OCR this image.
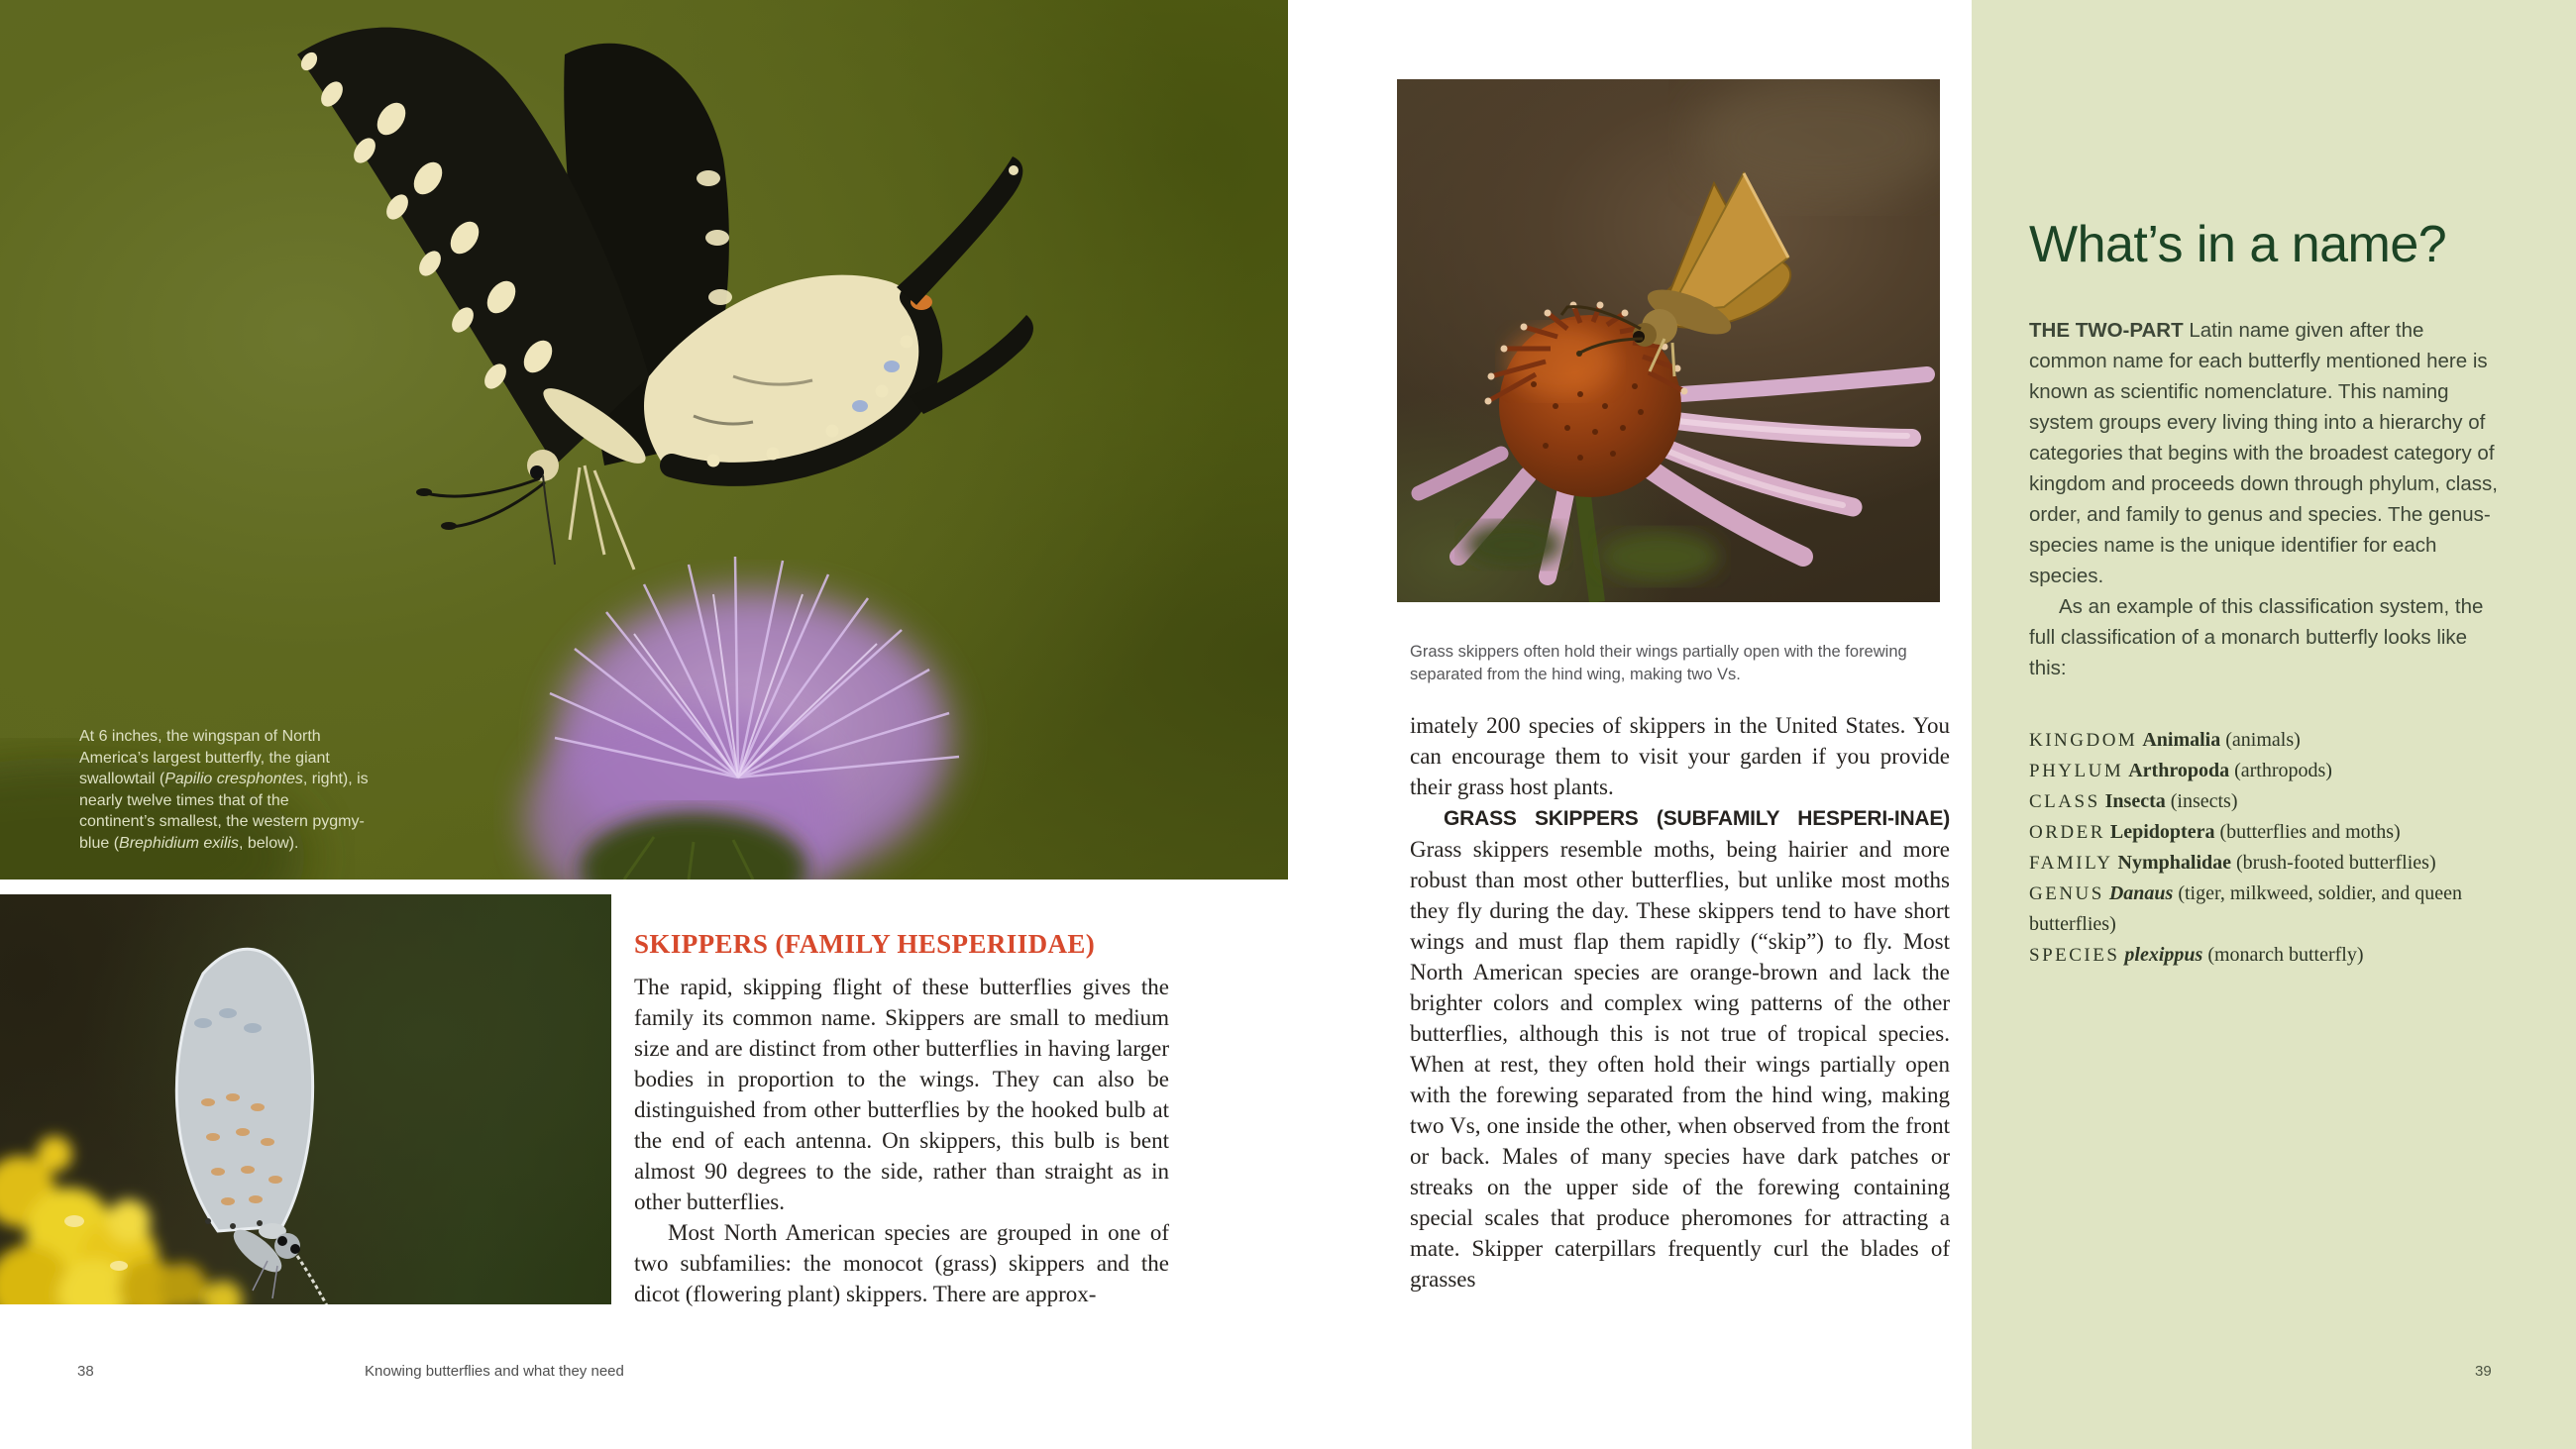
At 6 inches, the wingspan of North America’s largest butterfly, the giant swallowtail (Papilio cresphontes, right), is nearly twelve times that of the continent’s smallest, the western pygmy-blue (Brephidium exilis, below).

SKIPPERS (FAMILY HESPERIIDAE)

The rapid, skipping flight of these butterflies gives the family its common name. Skippers are small to medium size and are distinct from other butterflies in having larger bodies in proportion to the wings. They can also be distinguished from other butterflies by the hooked bulb at the end of each antenna. On skippers, this bulb is bent almost 90 degrees to the side, rather than straight as in other butterflies.

Most North American species are grouped in one of two subfamilies: the monocot (grass) skippers and the dicot (flowering plant) skippers. There are approx-

Grass skippers often hold their wings partially open with the forewing separated from the hind wing, making two Vs.

imately 200 species of skippers in the United States. You can encourage them to visit your garden if you provide their grass host plants.

GRASS SKIPPERS (SUBFAMILY HESPERI-INAE) Grass skippers resemble moths, being hairier and more robust than most other butterflies, but unlike most moths they fly during the day. These skippers tend to have short wings and must flap them rapidly (“skip”) to fly. Most North American species are orange-brown and lack the brighter colors and complex wing patterns of the other butterflies, although this is not true of tropical species. When at rest, they often hold their wings partially open with the forewing separated from the hind wing, making two Vs, one inside the other, when observed from the front or back. Males of many species have dark patches or streaks on the upper side of the forewing containing special scales that produce pheromones for attracting a mate. Skipper caterpillars frequently curl the blades of grasses

38	Knowing butterflies and what they need
What’s in a name?

THE TWO-PART Latin name given after the common name for each butterfly mentioned here is known as scientific nomenclature. This naming system groups every living thing into a hierarchy of categories that begins with the broadest category of kingdom and proceeds down through phylum, class, order, and family to genus and species. The genus-species name is the unique identifier for each species.

As an example of this classification system, the full classification of a monarch butterfly looks like this:

KINGDOM Animalia (animals)

PHYLUM Arthropoda (arthropods)

CLASS Insecta (insects)

ORDER Lepidoptera (butterflies and moths)

FAMILY Nymphalidae (brush-footed butterflies)

GENUS Danaus (tiger, milkweed, soldier, and queen butterflies)

SPECIES plexippus (monarch butterfly)

39
